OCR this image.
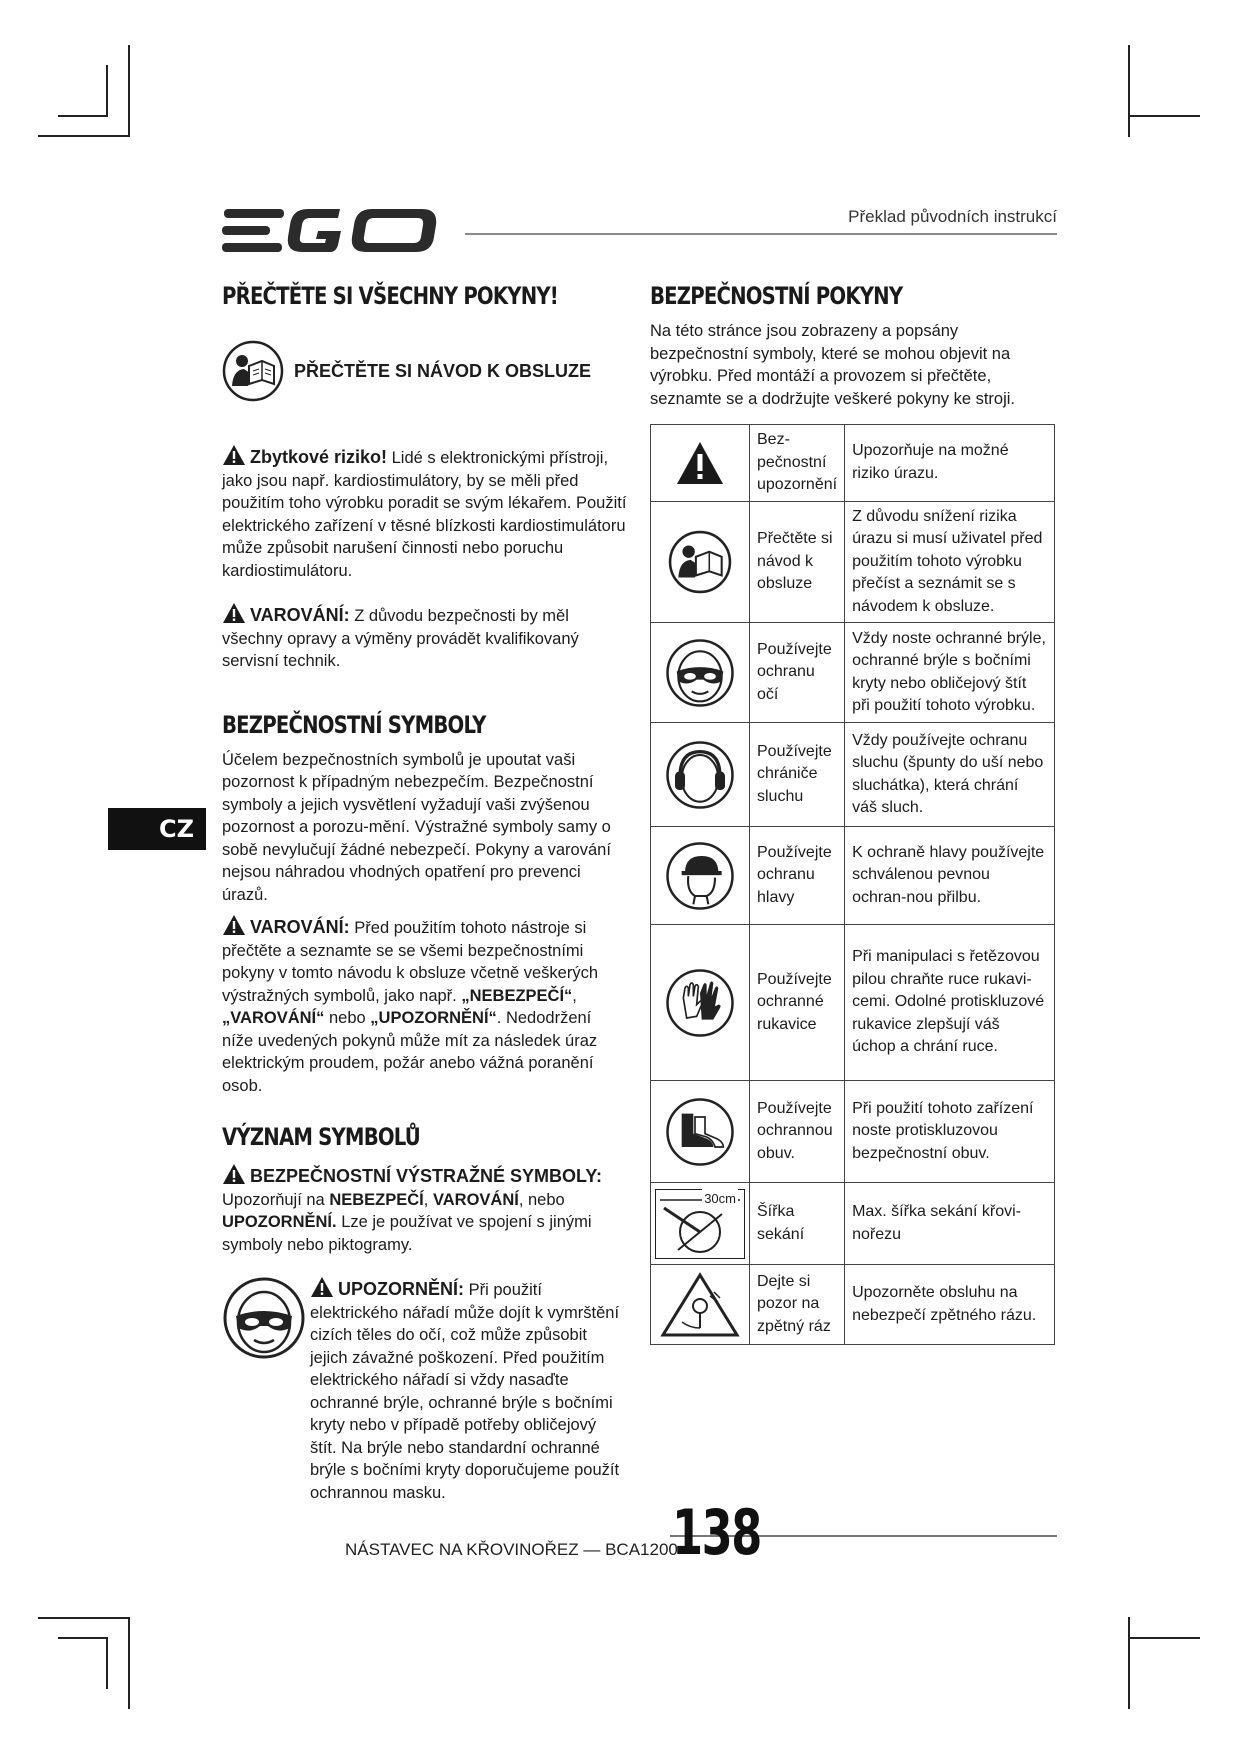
Překlad původních instrukcí
PŘEČTĚTE SI VŠECHNY POKYNY!
PŘEČTĚTE SI NÁVOD K OBSLUZE

Zbytkové riziko! Lidé s elektronickými přístroji, jako jsou např. kardiostimulátory, by se měli před použitím toho výrobku poradit se svým lékařem. Použití elektrického zařízení v těsné blízkosti kardiostimulátoru může způsobit narušení činnosti nebo poruchu kardiostimulátoru.

VAROVÁNÍ: Z důvodu bezpečnosti by měl všechny opravy a výměny provádět kvalifikovaný servisní technik.

BEZPEČNOSTNÍ SYMBOLY

Účelem bezpečnostních symbolů je upoutat vaši pozornost k případným nebezpečím. Bezpečnostní symboly a jejich vysvětlení vyžadují vaši zvýšenou pozornost a porozu-mění. Výstražné symboly samy o sobě nevylučují žádné nebezpečí. Pokyny a varování nejsou náhradou vhodných opatření pro prevenci úrazů.

VAROVÁNÍ: Před použitím tohoto nástroje si přečtěte a seznamte se se všemi bezpečnostními pokyny v tomto návodu k obsluze včetně veškerých výstražných symbolů, jako např. „NEBEZPEČÍ“, „VAROVÁNÍ“ nebo „UPOZORNĚNÍ“. Nedodržení níže uvedených pokynů může mít za následek úraz elektrickým proudem, požár anebo vážná poranění osob.

VÝZNAM SYMBOLŮ

BEZPEČNOSTNÍ VÝSTRAŽNÉ SYMBOLY:
Upozorňují na NEBEZPEČÍ, VAROVÁNÍ, nebo UPOZORNĚNÍ. Lze je používat ve spojení s jinými symboly nebo piktogramy.

UPOZORNĚNÍ: Při použití elektrického nářadí může dojít k vymrštění cizích těles do očí, což může způsobit jejich závažné poškození. Před použitím elektrického nářadí si vždy nasaďte ochranné brýle, ochranné brýle s bočními kryty nebo v případě potřeby obličejový štít. Na brýle nebo standardní ochranné brýle s bočními kryty doporučujeme použít ochrannou masku.

CZ
BEZPEČNOSTNÍ POKYNY

Na této stránce jsou zobrazeny a popsány bezpečnostní symboly, které se mohou objevit na výrobku. Před montáží a provozem si přečtěte, seznamte se a dodržujte veškeré pokyny ke stroji.

	Bez-pečnostní upozornění	Upozorňuje na možné riziko úrazu.

	Přečtěte si návod k obsluze	Z důvodu snížení rizika úrazu si musí uživatel před použitím tohoto výrobku přečíst a seznámit se s návodem k obsluze.

	Používejte ochranu očí	Vždy noste ochranné brýle, ochranné brýle s bočními kryty nebo obličejový štít při použití tohoto výrobku.

	Používejte chrániče sluchu	Vždy používejte ochranu sluchu (špunty do uší nebo sluchátka), která chrání váš sluch.

	Používejte ochranu hlavy	K ochraně hlavy používejte schválenou pevnou ochran-nou přilbu.

	Používejte ochranné rukavice	Při manipulaci s řetězovou pilou chraňte ruce rukavi-cemi. Odolné protiskluzové rukavice zlepšují váš úchop a chrání ruce.

	Používejte ochrannou obuv.	Při použití tohoto zařízení noste protiskluzovou bezpečnostní obuv.

30cm	Šířka sekání	Max. šířka sekání křovi-nořezu

	Dejte si pozor na zpětný ráz	Upozorněte obsluhu na nebezpečí zpětného rázu.
NÁSTAVEC NA KŘOVINOŘEZ — BCA1200
138
